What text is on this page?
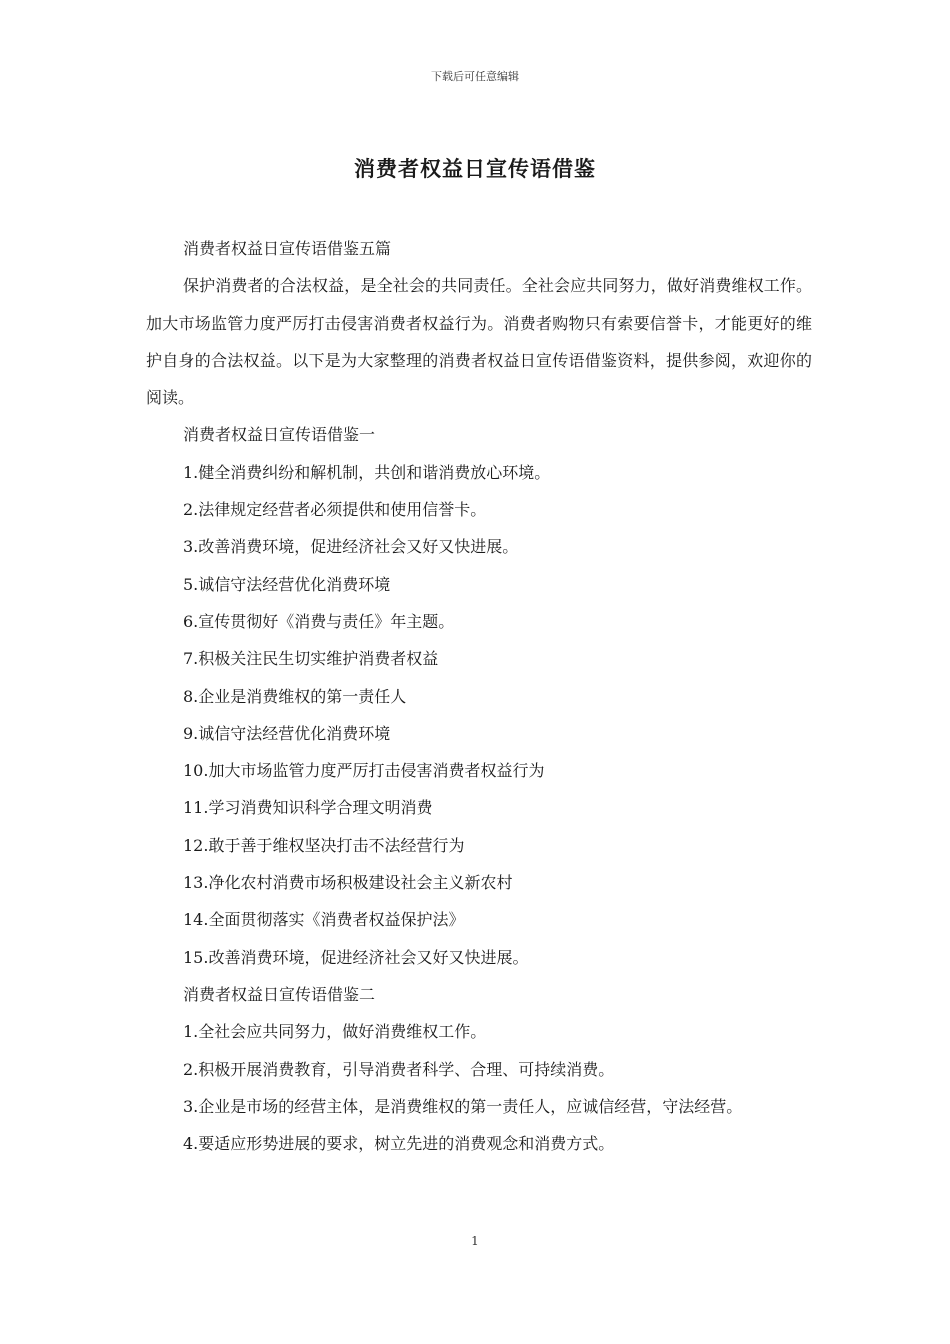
下载后可任意编辑
消费者权益日宣传语借鉴

消费者权益日宣传语借鉴五篇

保护消费者的合法权益，是全社会的共同责任。全社会应共同努力，做好消费维权工作。加大市场监管力度严厉打击侵害消费者权益行为。消费者购物只有索要信誉卡，才能更好的维护自身的合法权益。以下是为大家整理的消费者权益日宣传语借鉴资料，提供参阅，欢迎你的阅读。

消费者权益日宣传语借鉴一

1.健全消费纠纷和解机制，共创和谐消费放心环境。

2.法律规定经营者必须提供和使用信誉卡。

3.改善消费环境，促进经济社会又好又快进展。

5.诚信守法经营优化消费环境

6.宣传贯彻好《消费与责任》年主题。

7.积极关注民生切实维护消费者权益

8.企业是消费维权的第一责任人

9.诚信守法经营优化消费环境

10.加大市场监管力度严厉打击侵害消费者权益行为

11.学习消费知识科学合理文明消费

12.敢于善于维权坚决打击不法经营行为

13.净化农村消费市场积极建设社会主义新农村

14.全面贯彻落实《消费者权益保护法》

15.改善消费环境，促进经济社会又好又快进展。

消费者权益日宣传语借鉴二

1.全社会应共同努力，做好消费维权工作。

2.积极开展消费教育，引导消费者科学、合理、可持续消费。

3.企业是市场的经营主体，是消费维权的第一责任人，应诚信经营，守法经营。

4.要适应形势进展的要求，树立先进的消费观念和消费方式。

1
